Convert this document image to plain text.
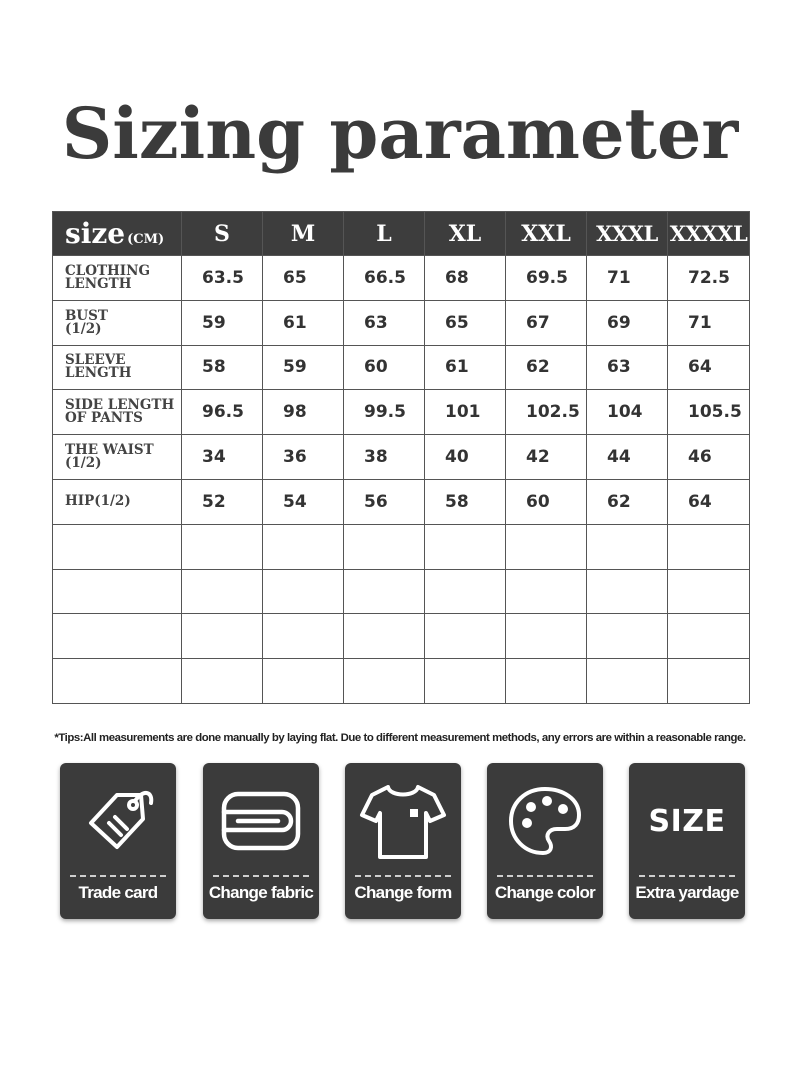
Sizing parameter
size (CM)	S	M	L	XL	XXL	XXXL	XXXXL

CLOTHING
LENGTH	63.5	65	66.5	68	69.5	71	72.5

BUST
(1/2)	59	61	63	65	67	69	71

SLEEVE
LENGTH	58	59	60	61	62	63	64

SIDE LENGTH
OF PANTS	96.5	98	99.5	101	102.5	104	105.5

THE WAIST
(1/2)	34	36	38	40	42	44	46

HIP(1/2)	52	54	56	58	60	62	64

*Tips:All measurements are done manually by laying flat. Due to different measurement methods, any errors are within a reasonable range.
Trade card	Change fabric	Change form	Change color
SIZE
Extra yardage
